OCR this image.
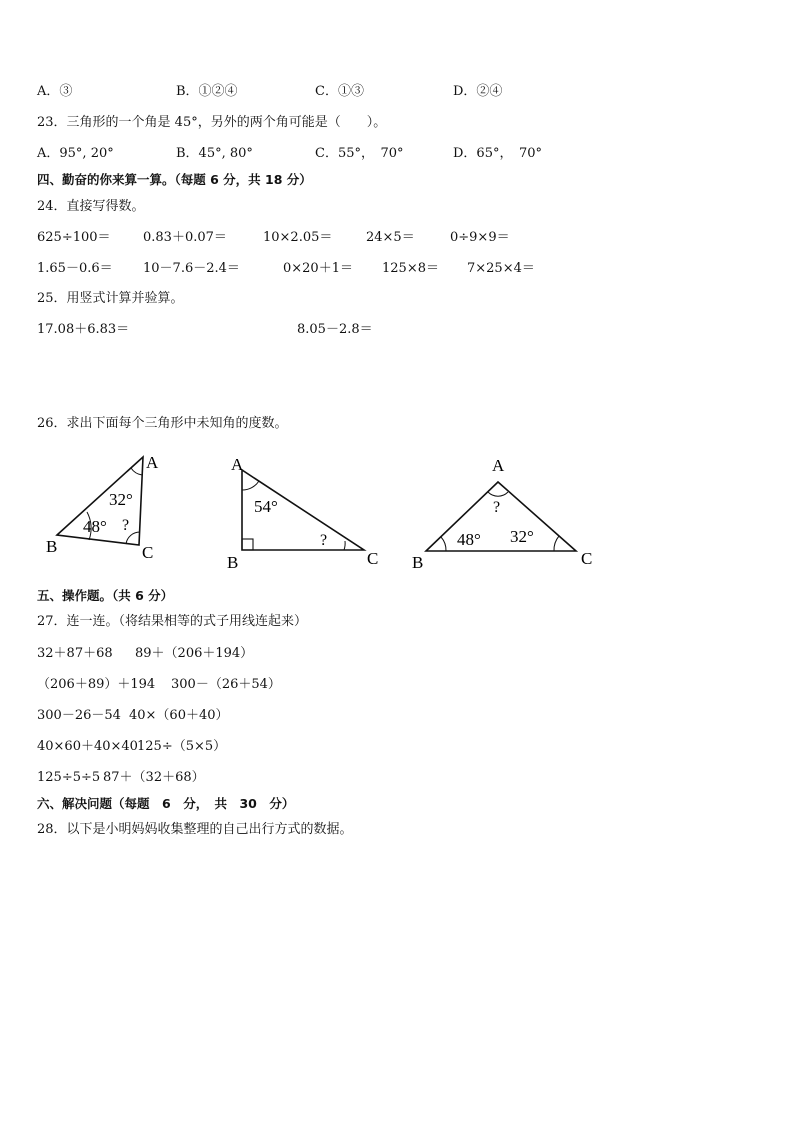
A．③	B．①②④	C．①③	D．②④
23．三角形的一个角是 45°，另外的两个角可能是（　　）。
A．95°, 20°	B．45°, 80°	C．55°，　70°	D．65°，　70°
四、勤奋的你来算一算。（每题 6 分，共 18 分）
24．直接写得数。
625÷100＝ 0.83＋0.07＝	10×2.05＝	24×5＝	0÷9×9＝
1.65－0.6＝ 10－7.6－2.4＝	0×20＋1＝ 125×8＝ 7×25×4＝
25．用竖式计算并验算。
17.08＋6.83＝	8.05－2.8＝
26．求出下面每个三角形中未知角的度数。
A
B	C
32°
48° ?
A
B	C
54°
?
A
B	C
?
48° 32°
五、操作题。（共 6 分）
27．连一连。（将结果相等的式子用线连起来）
32＋87＋68 89＋（206＋194）
（206＋89）＋194 300－（26＋54）
300－26－54 40×（60＋40）
40×60＋40×40 125÷（5×5）
125÷5÷5 87＋（32＋68）
六、解决问题（每题　6　分，　共　30　分）
28．以下是小明妈妈收集整理的自己出行方式的数据。
